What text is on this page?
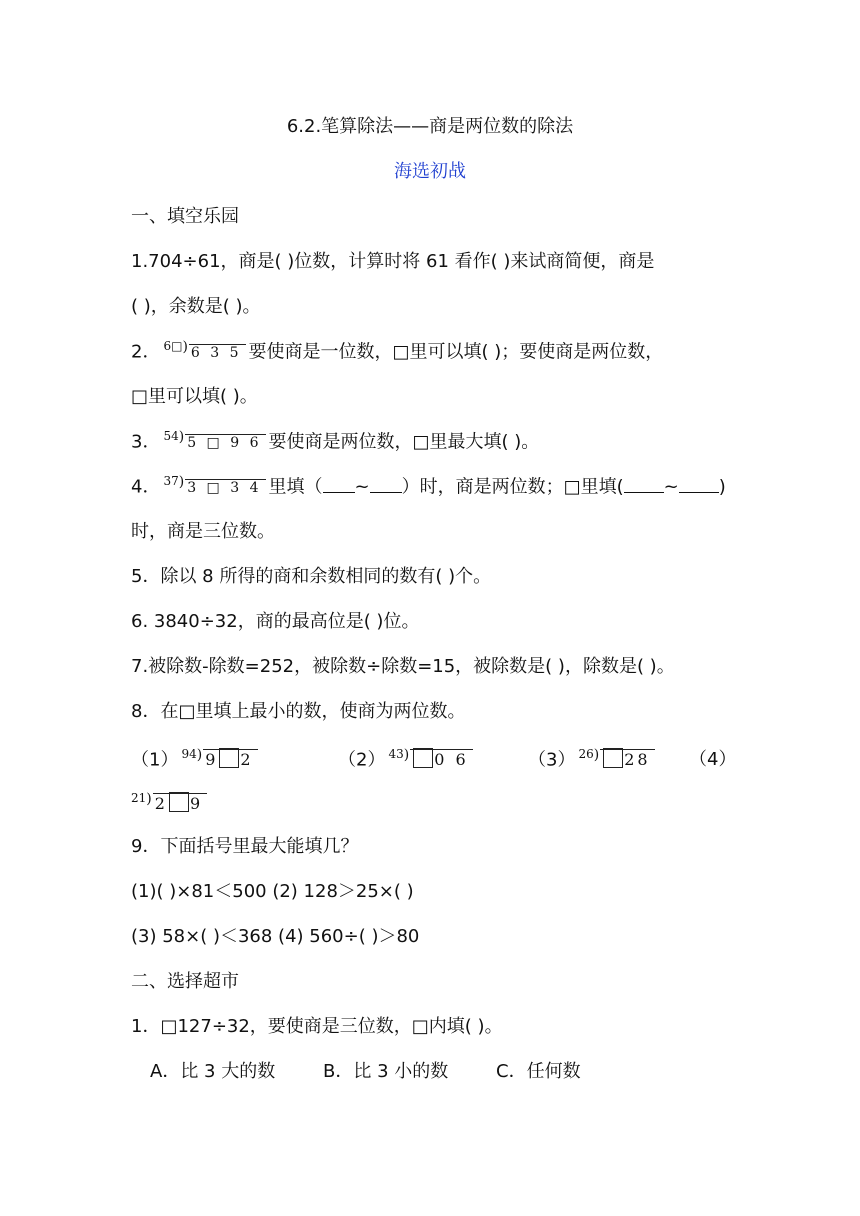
6.2.笔算除法——商是两位数的除法
海选初战
一、填空乐园
1.704÷61，商是( )位数，计算时将 61 看作( )来试商简便，商是
( )，余数是( )。
2． $^{6□)}$ 6 3 5 要使商是一位数，□里可以填( )；要使商是两位数，
□里可以填( )。
3． $^{54)}$ 5 □ 9 6 要使商是两位数，□里最大填( )。
4． $^{37)}$ 3 □ 3 4 里填（ ~ ）时，商是两位数；□里填( ~ )
时，商是三位数。
5．除以 8 所得的商和余数相同的数有( )个。
6. 3840÷32，商的最高位是( )位。
7.被除数-除数=252，被除数÷除数=15，被除数是( )，除数是( )。
8．在□里填上最小的数，使商为两位数。
（1） $^{94)}$ 9 2	（2） $^{43)}$ 0 6	（3） $^{26)}$ 28	（4）
$^{21)}$ 2 9
9．下面括号里最大能填几？
(1)( )×81＜500 (2) 128＞25×( )
(3) 58×( )＜368 (4) 560÷( )＞80
二、选择超市
1．□127÷32，要使商是三位数，□内填( )。
A．比 3 大的数	B．比 3 小的数	C．任何数
